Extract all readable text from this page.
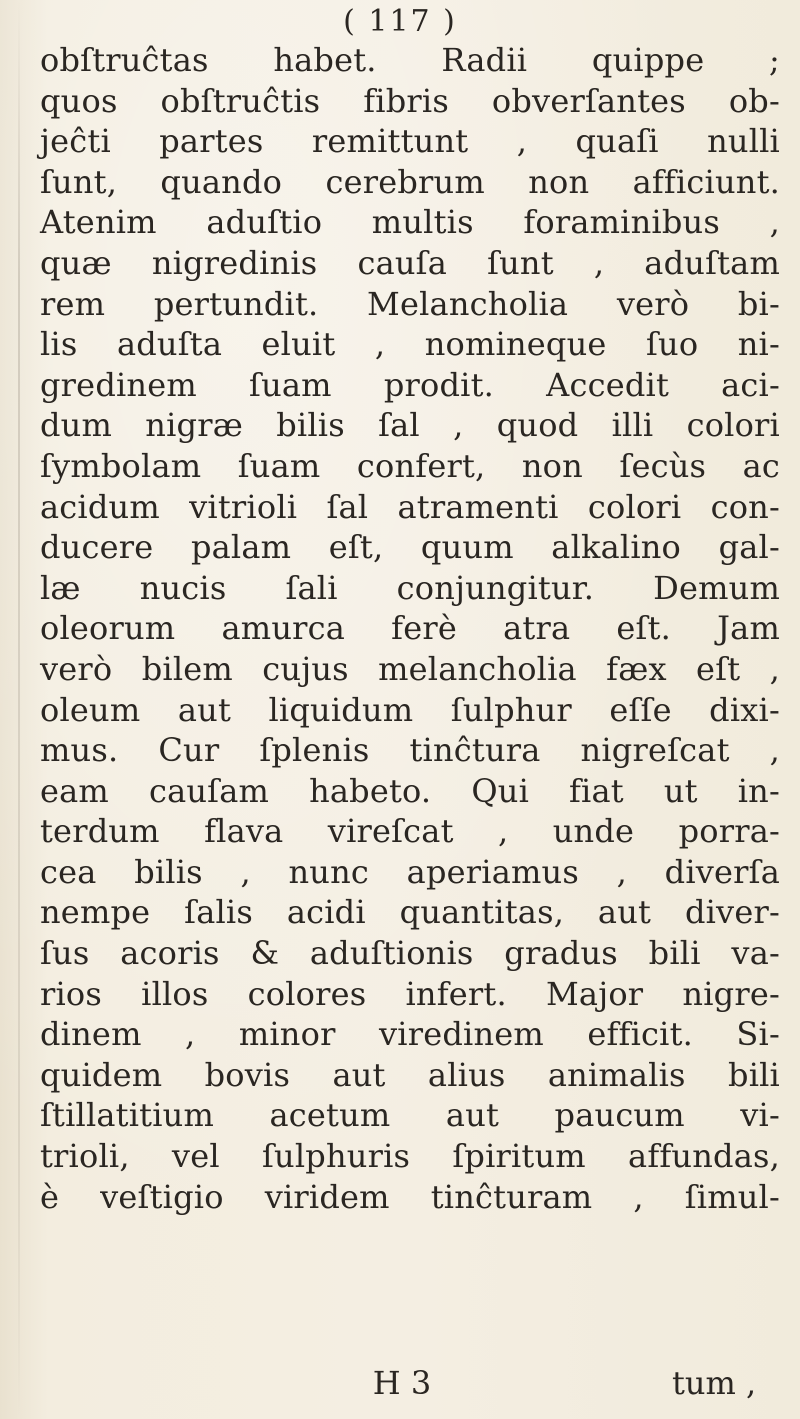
( 117 )
obſtruĉtas habet. Radii quippe ;
quos obſtruĉtis fibris obverſantes ob-
jeĉti partes remittunt , quaſi nulli
ſunt, quando cerebrum non afficiunt.
Atenim aduſtio multis foraminibus ,
quæ nigredinis cauſa ſunt , aduſtam
rem pertundit. Melancholia verò bi-
lis aduſta eluit , nomineque ſuo ni-
gredinem ſuam prodit. Accedit aci-
dum nigræ bilis ſal , quod illi colori
ſymbolam ſuam confert, non ſecùs ac
acidum vitrioli ſal atramenti colori con-
ducere palam eſt, quum alkalino gal-
læ nucis ſali conjungitur. Demum
oleorum amurca ferè atra eſt. Jam
verò bilem cujus melancholia fæx eſt ,
oleum aut liquidum ſulphur eſſe dixi-
mus. Cur ſplenis tinĉtura nigreſcat ,
eam cauſam habeto. Qui fiat ut in-
terdum flava vireſcat , unde porra-
cea bilis , nunc aperiamus , diverſa
nempe ſalis acidi quantitas, aut diver-
ſus acoris & aduſtionis gradus bili va-
rios illos colores infert. Major nigre-
dinem , minor viredinem efficit. Si-
quidem bovis aut alius animalis bili
ſtillatitium acetum aut paucum vi-
trioli, vel ſulphuris ſpiritum affundas,
è veſtigio viridem tinĉturam , ſimul-
H 3	tum ,
